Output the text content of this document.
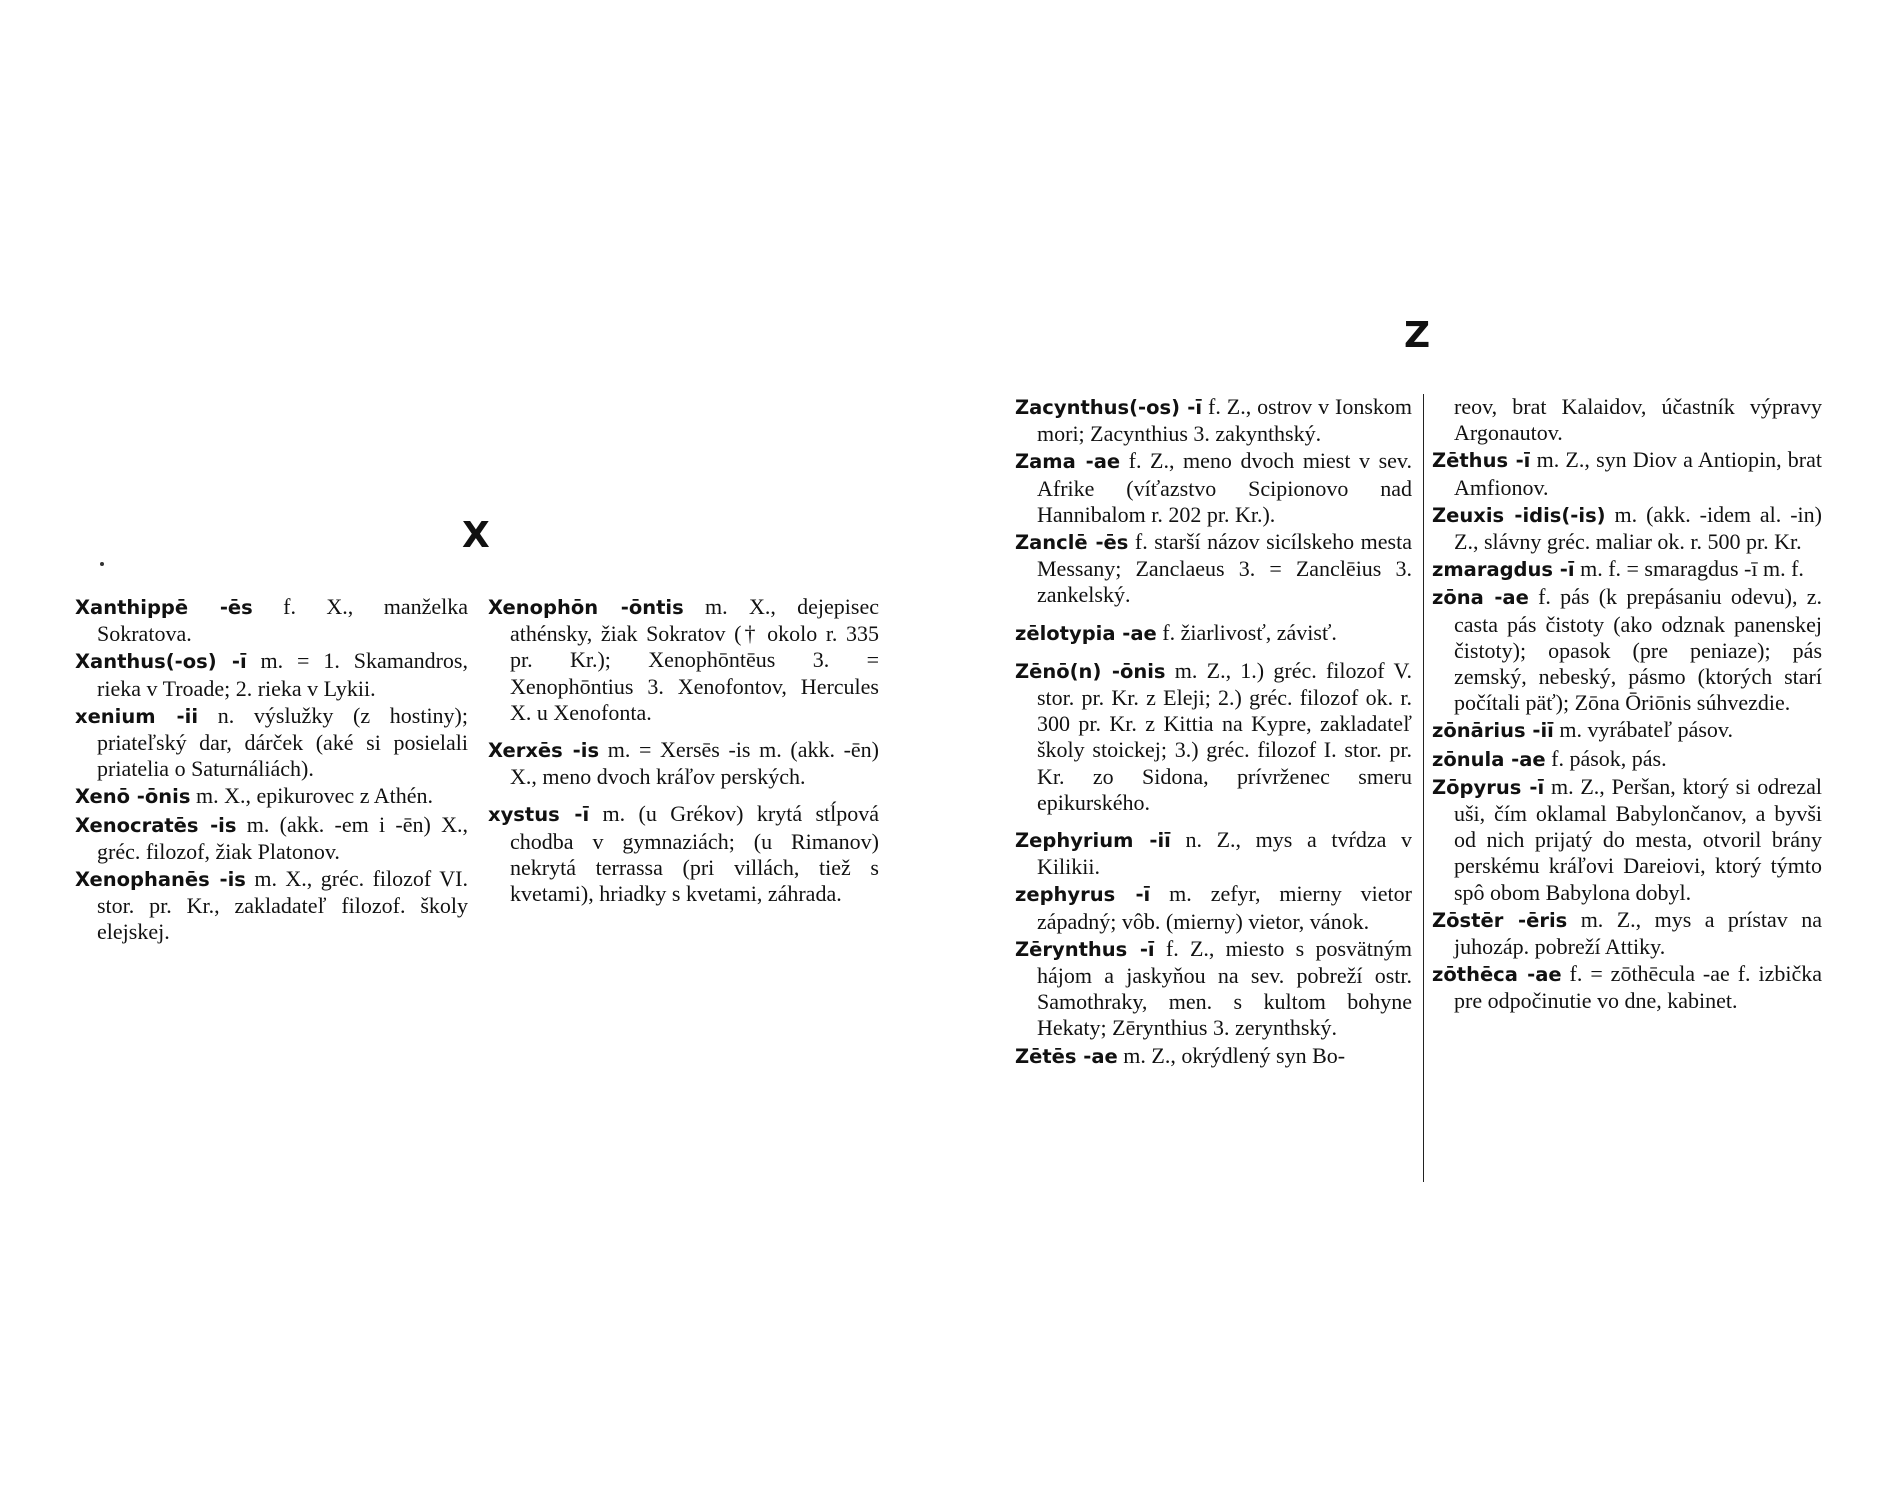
X
Z

Xanthippē -ēs f. X., manželka Sokratova.

Xanthus(-os) -ī m. = 1. Skamandros, rieka v Troade; 2. rieka v Lykii.

xenium -ii n. výslužky (z hostiny); priateľský dar, dárček (aké si posielali priatelia o Saturnáliách).

Xenō -ōnis m. X., epikurovec z Athén.

Xenocratēs -is m. (akk. -em i -ēn) X., gréc. filozof, žiak Platonov.

Xenophanēs -is m. X., gréc. filozof VI. stor. pr. Kr., zakladateľ filozof. školy elejskej.

Xenophōn -ōntis m. X., dejepisec athénsky, žiak Sokratov († okolo r. 335 pr. Kr.); Xenophōntēus 3. = Xenophōntius 3. Xenofontov, Hercules X. u Xenofonta.

Xerxēs -is m. = Xersēs -is m. (akk. -ēn) X., meno dvoch kráľov perských.

xystus -ī m. (u Grékov) krytá stĺpová chodba v gymnaziách; (u Rimanov) nekrytá terrassa (pri villách, tiež s kvetami), hriadky s kvetami, záhrada.

Zacynthus(-os) -ī f. Z., ostrov v Ionskom mori; Zacynthius 3. zakynthský.

Zama -ae f. Z., meno dvoch miest v sev. Afrike (víťazstvo Scipionovo nad Hannibalom r. 202 pr. Kr.).

Zanclē -ēs f. starší názov sicílskeho mesta Messany; Zanclaeus 3. = Zanclēius 3. zankelský.

zēlotypia -ae f. žiarlivosť, závisť.

Zēnō(n) -ōnis m. Z., 1.) gréc. filozof V. stor. pr. Kr. z Eleji; 2.) gréc. filozof ok. r. 300 pr. Kr. z Kittia na Kypre, zakladateľ školy stoickej; 3.) gréc. filozof I. stor. pr. Kr. zo Sidona, prívrženec smeru epikurského.

Zephyrium -iī n. Z., mys a tvŕdza v Kilikii.

zephyrus -ī m. zefyr, mierny vietor západný; vôb. (mierny) vietor, vánok.

Zērynthus -ī f. Z., miesto s posvätným hájom a jaskyňou na sev. pobreží ostr. Samothraky, men. s kultom bohyne Hekaty; Zērynthius 3. zerynthský.

Zētēs -ae m. Z., okrýdlený syn Bo-

reov, brat Kalaidov, účastník výpravy Argonautov.

Zēthus -ī m. Z., syn Diov a Antiopin, brat Amfionov.

Zeuxis -idis(-is) m. (akk. -idem al. -in) Z., slávny gréc. maliar ok. r. 500 pr. Kr.

zmaragdus -ī m. f. = smaragdus -ī m. f.

zōna -ae f. pás (k prepásaniu odevu), z. casta pás čistoty (ako odznak panenskej čistoty); opasok (pre peniaze); pás zemský, nebeský, pásmo (ktorých starí počítali päť); Zōna Ōriōnis súhvezdie.

zōnārius -iī m. vyrábateľ pásov.

zōnula -ae f. pások, pás.

Zōpyrus -ī m. Z., Peršan, ktorý si odrezal uši, čím oklamal Babylončanov, a byvši od nich prijatý do mesta, otvoril brány perskému kráľovi Dareiovi, ktorý týmto spô obom Babylona dobyl.

Zōstēr -ēris m. Z., mys a prístav na juhozáp. pobreží Attiky.

zōthēca -ae f. = zōthēcula -ae f. izbička pre odpočinutie vo dne, kabinet.
